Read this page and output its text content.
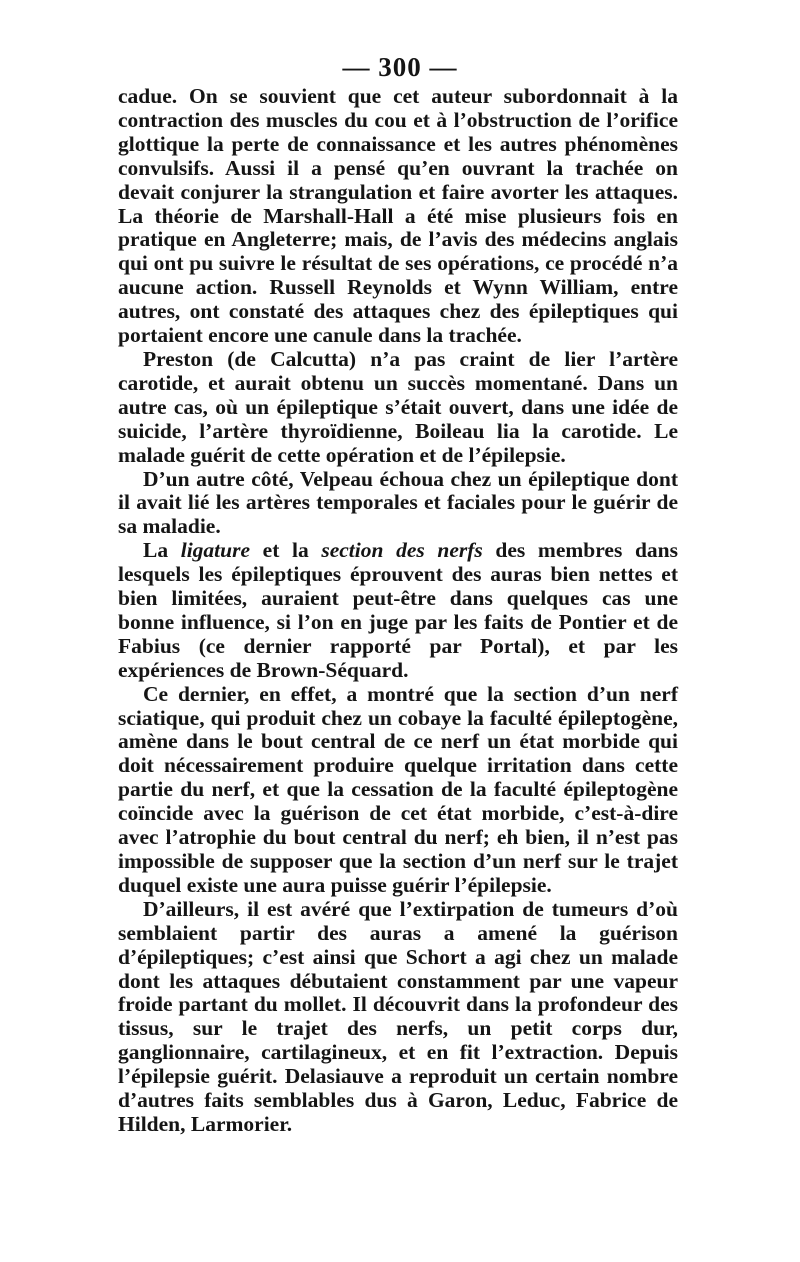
— 300 —

cadue. On se souvient que cet auteur subordonnait à la contraction des muscles du cou et à l’obstruction de l’orifice glottique la perte de connaissance et les autres phénomènes convulsifs. Aussi il a pensé qu’en ouvrant la trachée on devait conjurer la strangulation et faire avorter les attaques. La théorie de Marshall-Hall a été mise plusieurs fois en pratique en Angleterre; mais, de l’avis des médecins anglais qui ont pu suivre le résultat de ses opérations, ce procédé n’a aucune action. Russell Reynolds et Wynn William, entre autres, ont constaté des attaques chez des épileptiques qui portaient encore une canule dans la trachée.

Preston (de Calcutta) n’a pas craint de lier l’artère carotide, et aurait obtenu un succès momentané. Dans un autre cas, où un épileptique s’était ouvert, dans une idée de suicide, l’artère thyroïdienne, Boileau lia la carotide. Le malade guérit de cette opération et de l’épilepsie.

D’un autre côté, Velpeau échoua chez un épileptique dont il avait lié les artères temporales et faciales pour le guérir de sa maladie.

La ligature et la section des nerfs des membres dans lesquels les épileptiques éprouvent des auras bien nettes et bien limitées, auraient peut-être dans quelques cas une bonne influence, si l’on en juge par les faits de Pontier et de Fabius (ce dernier rapporté par Portal), et par les expériences de Brown-Séquard.

Ce dernier, en effet, a montré que la section d’un nerf sciatique, qui produit chez un cobaye la faculté épileptogène, amène dans le bout central de ce nerf un état morbide qui doit nécessairement produire quelque irritation dans cette partie du nerf, et que la cessation de la faculté épileptogène coïncide avec la guérison de cet état morbide, c’est-à-dire avec l’atrophie du bout central du nerf; eh bien, il n’est pas impossible de supposer que la section d’un nerf sur le trajet duquel existe une aura puisse guérir l’épilepsie.

D’ailleurs, il est avéré que l’extirpation de tumeurs d’où semblaient partir des auras a amené la guérison d’épileptiques; c’est ainsi que Schort a agi chez un malade dont les attaques débutaient constamment par une vapeur froide partant du mollet. Il découvrit dans la profondeur des tissus, sur le trajet des nerfs, un petit corps dur, ganglionnaire, cartilagineux, et en fit l’extraction. Depuis l’épilepsie guérit. Delasiauve a reproduit un certain nombre d’autres faits semblables dus à Garon, Leduc, Fabrice de Hilden, Larmorier.
